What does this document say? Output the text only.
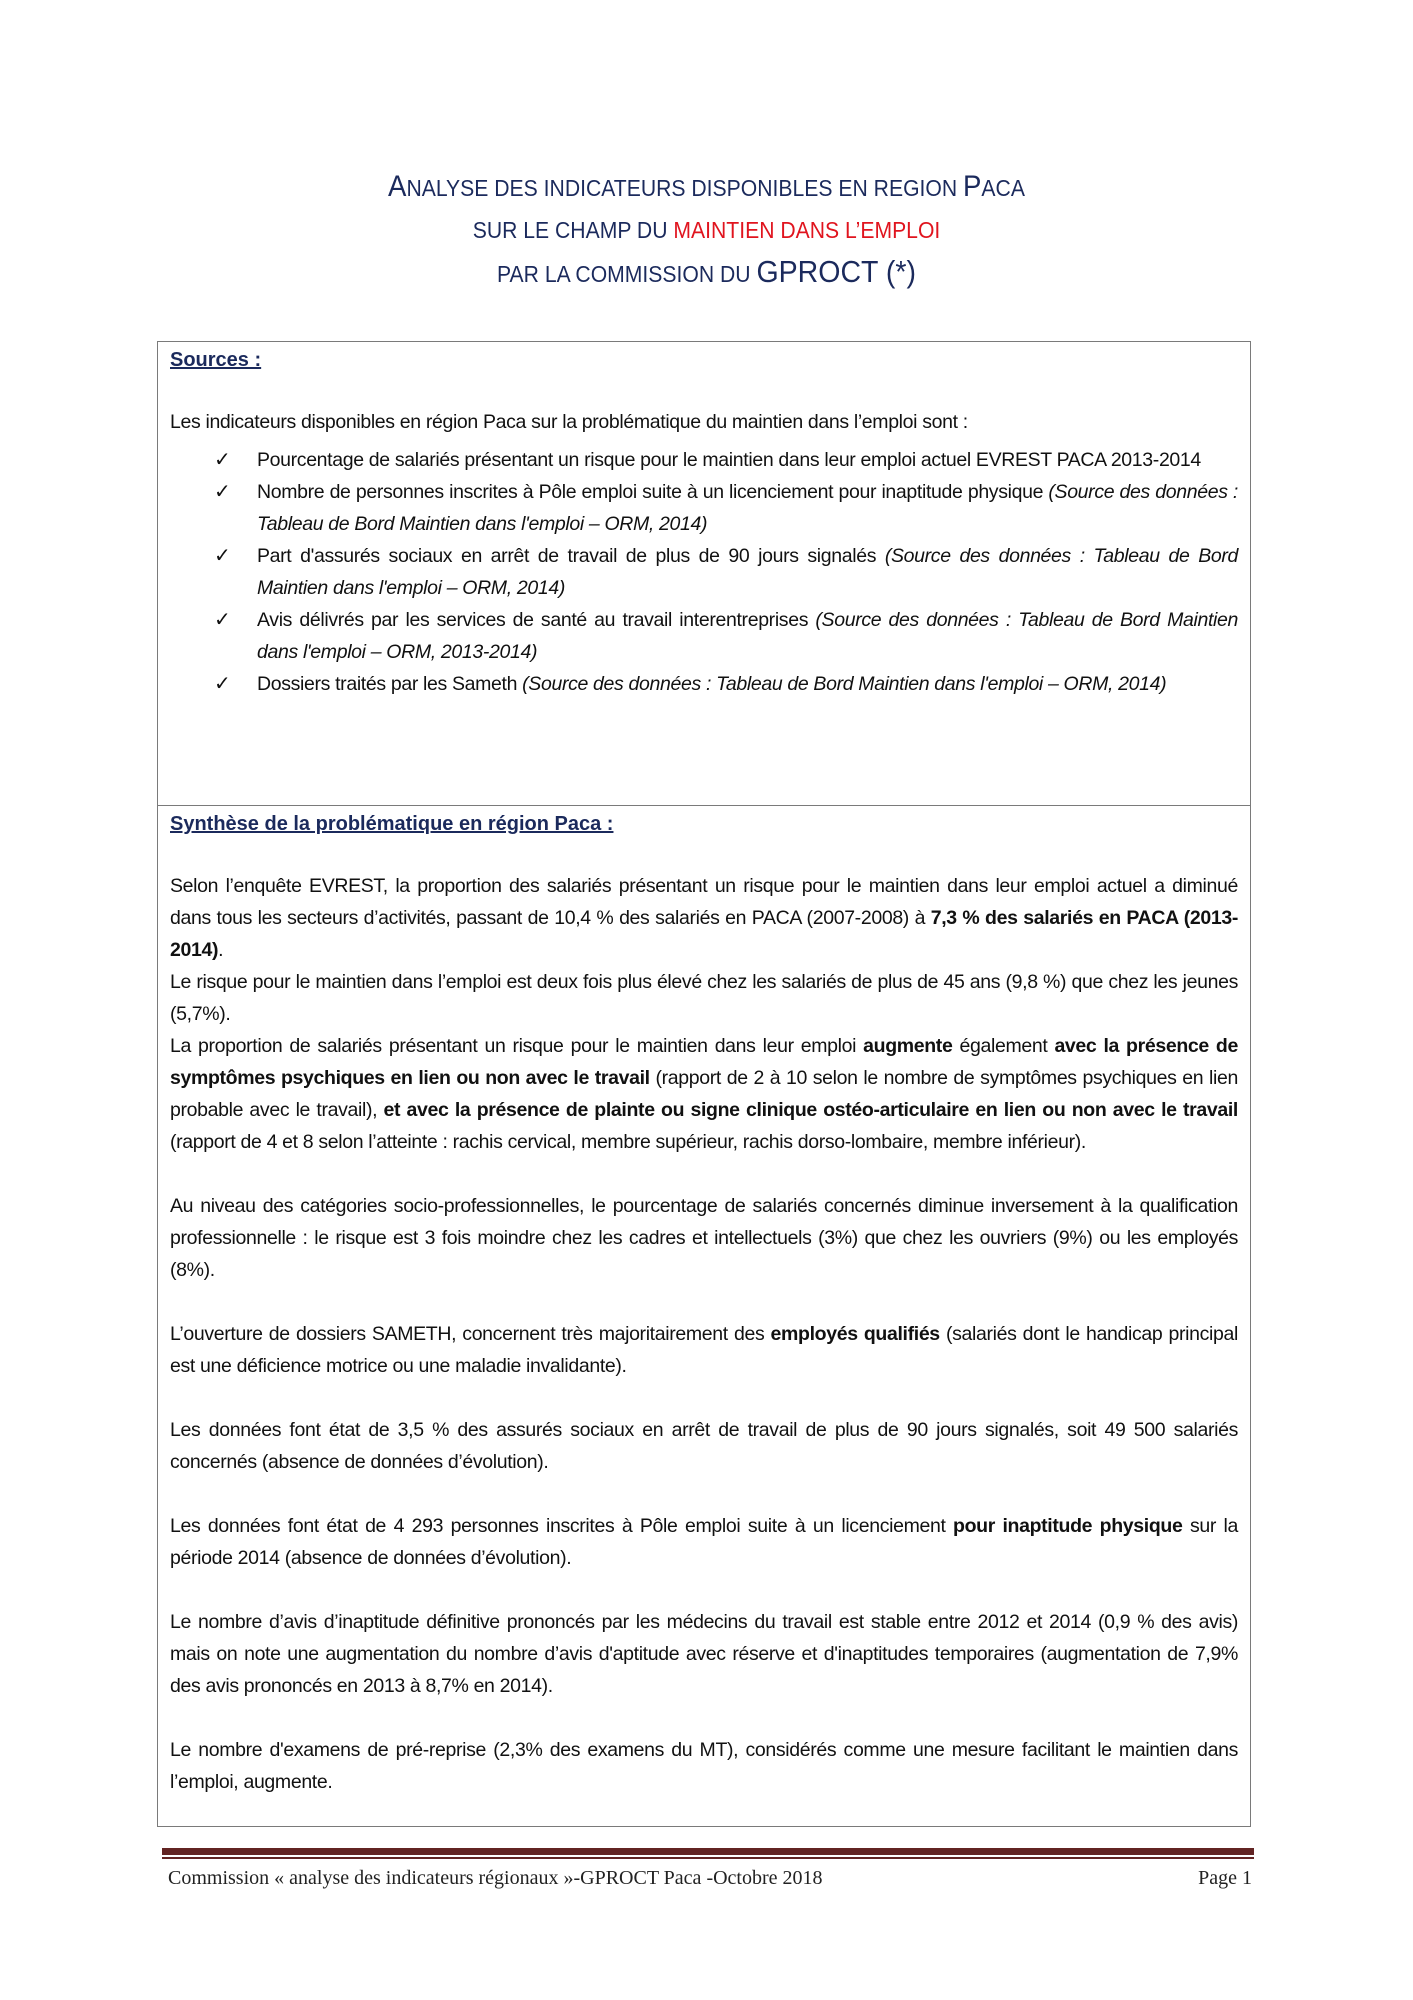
ANALYSE DES INDICATEURS DISPONIBLES EN REGION PACA
SUR LE CHAMP DU MAINTIEN DANS L’EMPLOI
PAR LA COMMISSION DU GPROCT (*)
Sources :
Les indicateurs disponibles en région Paca sur la problématique du maintien dans l’emploi sont :
✓ Pourcentage de salariés présentant un risque pour le maintien dans leur emploi actuel EVREST PACA 2013-2014
✓ Nombre de personnes inscrites à Pôle emploi suite à un licenciement pour inaptitude physique (Source des données : Tableau de Bord Maintien dans l'emploi – ORM, 2014)
✓ Part d'assurés sociaux en arrêt de travail de plus de 90 jours signalés (Source des données : Tableau de Bord Maintien dans l'emploi – ORM, 2014)
✓ Avis délivrés par les services de santé au travail interentreprises (Source des données : Tableau de Bord Maintien dans l'emploi – ORM, 2013-2014)
✓ Dossiers traités par les Sameth (Source des données : Tableau de Bord Maintien dans l'emploi – ORM, 2014)
Synthèse de la problématique en région Paca :
Selon l’enquête EVREST, la proportion des salariés présentant un risque pour le maintien dans leur emploi actuel a diminué dans tous les secteurs d’activités, passant de 10,4 % des salariés en PACA (2007-2008) à 7,3 % des salariés en PACA (2013-2014).
Le risque pour le maintien dans l’emploi est deux fois plus élevé chez les salariés de plus de 45 ans (9,8 %) que chez les jeunes (5,7%).
La proportion de salariés présentant un risque pour le maintien dans leur emploi augmente également avec la présence de symptômes psychiques en lien ou non avec le travail (rapport de 2 à 10 selon le nombre de symptômes psychiques en lien probable avec le travail), et avec la présence de plainte ou signe clinique ostéo-articulaire en lien ou non avec le travail (rapport de 4 et 8 selon l’atteinte : rachis cervical, membre supérieur, rachis dorso-lombaire, membre inférieur).
Au niveau des catégories socio-professionnelles, le pourcentage de salariés concernés diminue inversement à la qualification professionnelle : le risque est 3 fois moindre chez les cadres et intellectuels (3%) que chez les ouvriers (9%) ou les employés (8%).
L’ouverture de dossiers SAMETH, concernent très majoritairement des employés qualifiés (salariés dont le handicap principal est une déficience motrice ou une maladie invalidante).
Les données font état de 3,5 % des assurés sociaux en arrêt de travail de plus de 90 jours signalés, soit 49 500 salariés concernés (absence de données d’évolution).
Les données font état de 4 293 personnes inscrites à Pôle emploi suite à un licenciement pour inaptitude physique sur la période 2014 (absence de données d’évolution).
Le nombre d’avis d’inaptitude définitive prononcés par les médecins du travail est stable entre 2012 et 2014 (0,9 % des avis) mais on note une augmentation du nombre d’avis d'aptitude avec réserve et d'inaptitudes temporaires (augmentation de 7,9% des avis prononcés en 2013 à 8,7% en 2014).
Le nombre d'examens de pré-reprise (2,3% des examens du MT), considérés comme une mesure facilitant le maintien dans l’emploi, augmente.
Commission « analyse des indicateurs régionaux »-GPROCT Paca -Octobre 2018	Page 1
